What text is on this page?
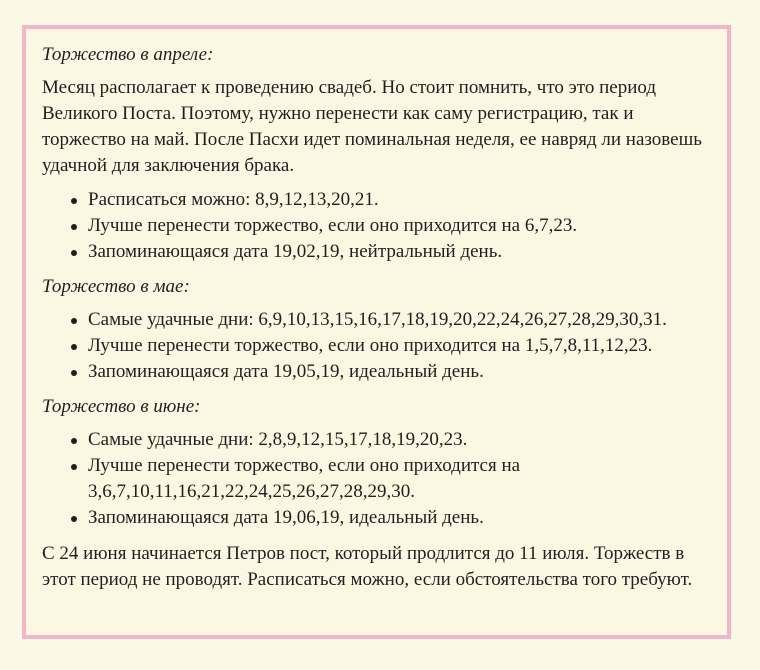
Торжество в апреле:

Месяц располагает к проведению свадеб. Но стоит помнить, что это период Великого Поста. Поэтому, нужно перенести как саму регистрацию, так и торжество на май. После Пасхи идет поминальная неделя, ее навряд ли назовешь удачной для заключения брака.

Расписаться можно: 8,9,12,13,20,21.
Лучше перенести торжество, если оно приходится на 6,7,23.
Запоминающаяся дата 19,02,19, нейтральный день.

Торжество в мае:

Самые удачные дни: 6,9,10,13,15,16,17,18,19,20,22,24,26,27,28,29,30,31.
Лучше перенести торжество, если оно приходится на 1,5,7,8,11,12,23.
Запоминающаяся дата 19,05,19, идеальный день.

Торжество в июне:

Самые удачные дни: 2,8,9,12,15,17,18,19,20,23.
Лучше перенести торжество, если оно приходится на 3,6,7,10,11,16,21,22,24,25,26,27,28,29,30.
Запоминающаяся дата 19,06,19, идеальный день.

С 24 июня начинается Петров пост, который продлится до 11 июля. Торжеств в этот период не проводят. Расписаться можно, если обстоятельства того требуют.
